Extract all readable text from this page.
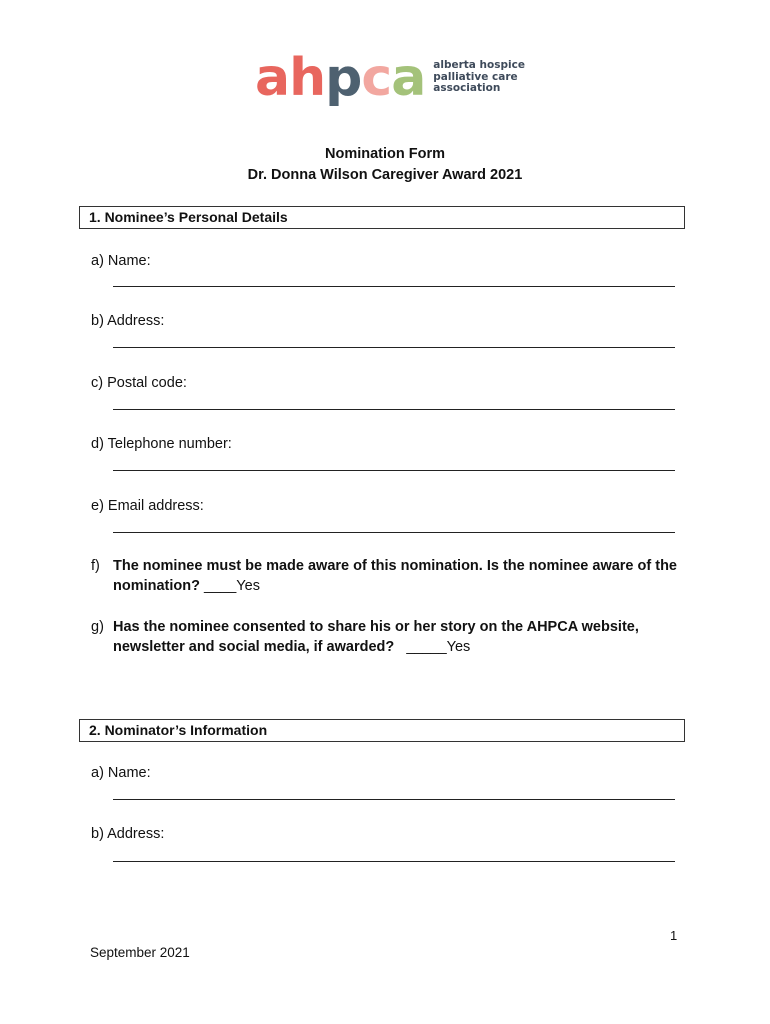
a h p c a alberta hospice
palliative care
association
Nomination Form
Dr. Donna Wilson Caregiver Award 2021
1. Nominee’s Personal Details
a) Name:
b) Address:
c) Postal code:
d) Telephone number:
e) Email address:
f) The nominee must be made aware of this nomination. Is the nominee aware of the nomination? ____Yes
g) Has the nominee consented to share his or her story on the AHPCA website, newsletter and social media, if awarded?   _____Yes
2. Nominator’s Information
a) Name:
b) Address:
1
September 2021
